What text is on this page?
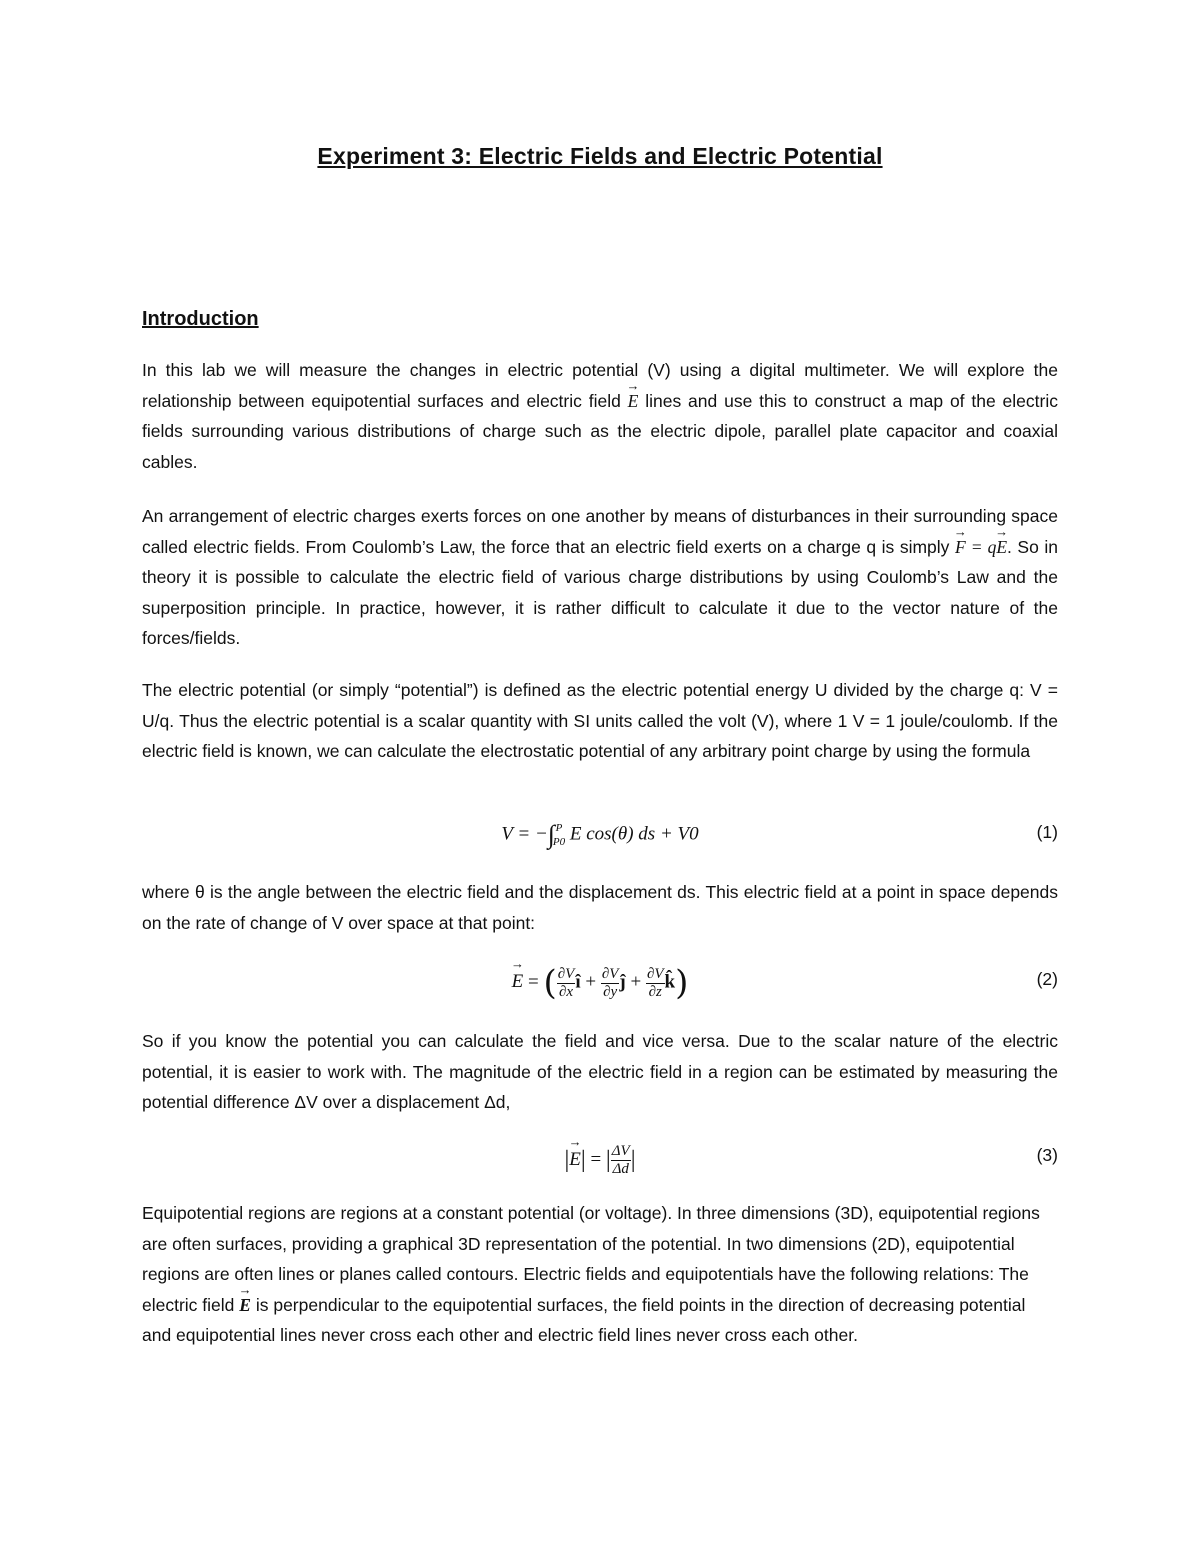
Experiment 3: Electric Fields and Electric Potential
Introduction

In this lab we will measure the changes in electric potential (V) using a digital multimeter. We will explore the relationship between equipotential surfaces and electric field → E lines and use this to construct a map of the electric fields surrounding various distributions of charge such as the electric dipole, parallel plate capacitor and coaxial cables.

An arrangement of electric charges exerts forces on one another by means of disturbances in their surrounding space called electric fields. From Coulomb’s Law, the force that an electric field exerts on a charge q is simply → F = q→ E. So in theory it is possible to calculate the electric field of various charge distributions by using Coulomb’s Law and the superposition principle. In practice, however, it is rather difficult to calculate it due to the vector nature of the forces/fields.

The electric potential (or simply “potential”) is defined as the electric potential energy U divided by the charge q: V = U/q. Thus the electric potential is a scalar quantity with SI units called the volt (V), where 1 V = 1 joule/coulomb. If the electric field is known, we can calculate the electrostatic potential of any arbitrary point charge by using the formula

V = −∫ P
P0 E cos(θ) ds + V0	(1)

where θ is the angle between the electric field and the displacement ds. This electric field at a point in space depends on the rate of change of V over space at that point:

→ E = ( $\frac{\partial V}{\partial x}$ î + $\frac{\partial V}{\partial y}$ ĵ + $\frac{\partial V}{\partial z}$ k̂)	(2)

So if you know the potential you can calculate the field and vice versa. Due to the scalar nature of the electric potential, it is easier to work with. The magnitude of the electric field in a region can be estimated by measuring the potential difference ΔV over a displacement Δd,

|→ E| = | $\frac{\Delta V}{\Delta d}$ |	(3)

Equipotential regions are regions at a constant potential (or voltage). In three dimensions (3D), equipotential regions are often surfaces, providing a graphical 3D representation of the potential. In two dimensions (2D), equipotential regions are often lines or planes called contours. Electric fields and equipotentials have the following relations: The electric field → E is perpendicular to the equipotential surfaces, the field points in the direction of decreasing potential and equipotential lines never cross each other and electric field lines never cross each other.
